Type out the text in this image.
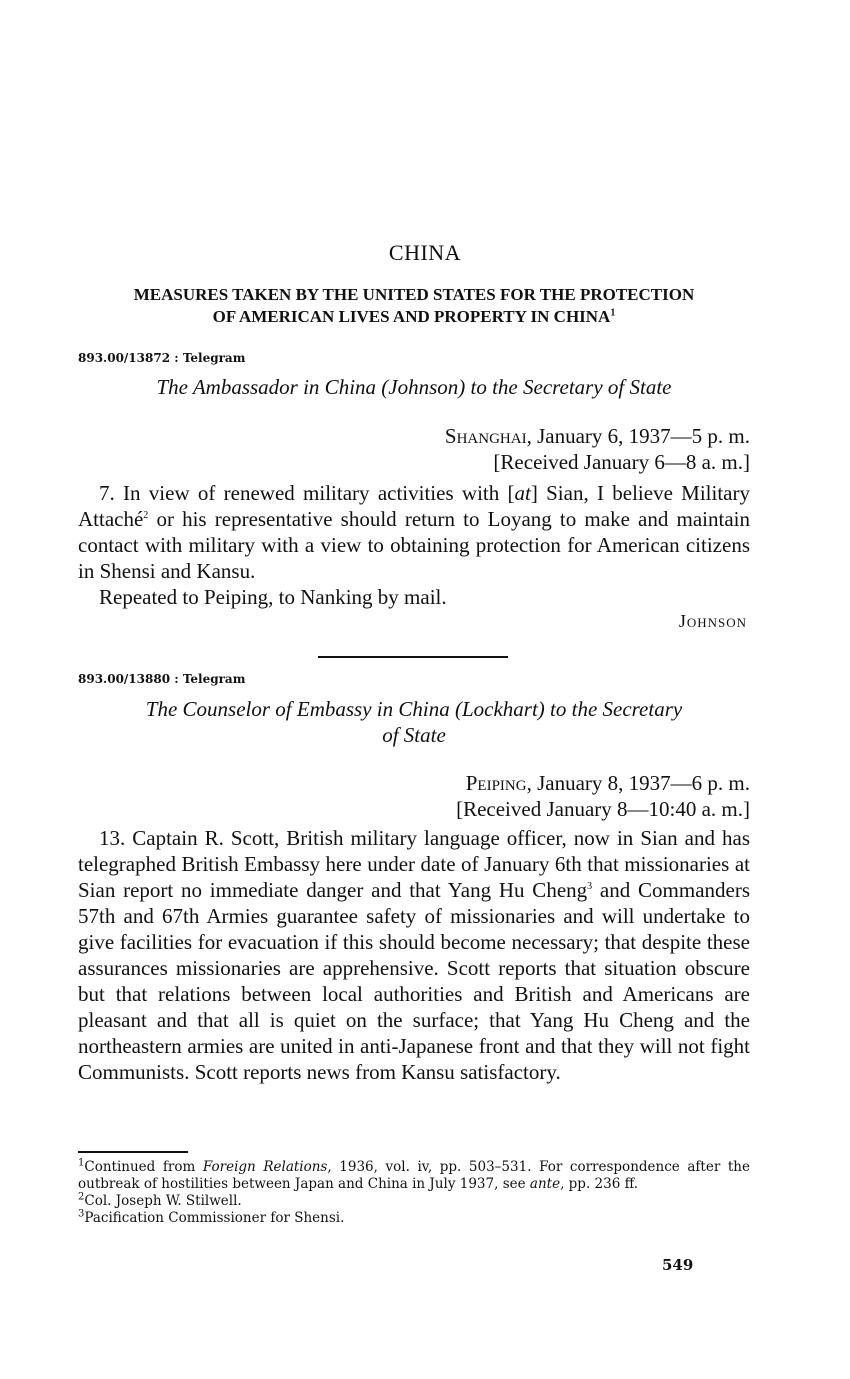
CHINA
MEASURES TAKEN BY THE UNITED STATES FOR THE PROTECTION
OF AMERICAN LIVES AND PROPERTY IN CHINA$^1$
893.00/13872 : Telegram
The Ambassador in China (Johnson) to the Secretary of State
Shanghai, January 6, 1937—5 p. m.
[Received January 6—8 a. m.]

7. In view of renewed military activities with [at] Sian, I believe Military Attaché$^2$ or his representative should return to Loyang to make and maintain contact with military with a view to obtaining protection for American citizens in Shensi and Kansu.

Repeated to Peiping, to Nanking by mail.

Johnson
893.00/13880 : Telegram
The Counselor of Embassy in China (Lockhart) to the Secretary
of State
Peiping, January 8, 1937—6 p. m.
[Received January 8—10:40 a. m.]

13. Captain R. Scott, British military language officer, now in Sian and has telegraphed British Embassy here under date of January 6th that missionaries at Sian report no immediate danger and that Yang Hu Cheng$^3$ and Commanders 57th and 67th Armies guarantee safety of missionaries and will undertake to give facilities for evacuation if this should become necessary; that despite these assurances missionaries are apprehensive. Scott reports that situation obscure but that relations between local authorities and British and Americans are pleasant and that all is quiet on the surface; that Yang Hu Cheng and the northeastern armies are united in anti-Japanese front and that they will not fight Communists. Scott reports news from Kansu satisfactory.

$^1$Continued from Foreign Relations, 1936, vol. iv, pp. 503–531. For correspondence after the outbreak of hostilities between Japan and China in July 1937, see ante, pp. 236 ff.

$^2$Col. Joseph W. Stilwell.

$^3$Pacification Commissioner for Shensi.

549
